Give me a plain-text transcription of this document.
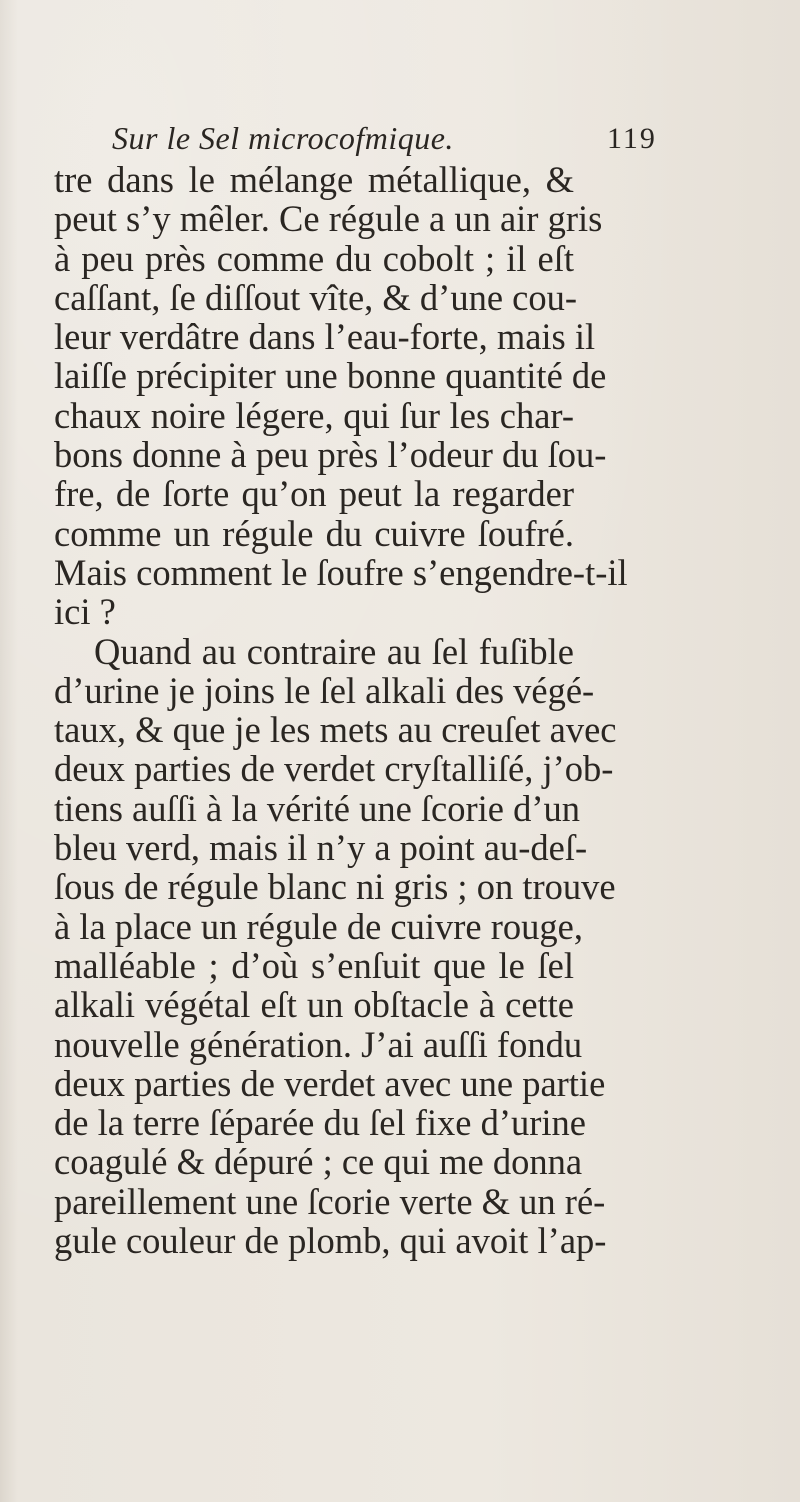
Sur le Sel microcofmique.	119
tre dans le mélange métallique, &
peut s’y mêler. Ce régule a un air gris
à peu près comme du cobolt ; il eſt
caſſant, ſe diſſout vîte, & d’une cou-
leur verdâtre dans l’eau-forte, mais il
laiſſe précipiter une bonne quantité de
chaux noire légere, qui ſur les char-
bons donne à peu près l’odeur du ſou-
fre, de ſorte qu’on peut la regarder
comme un régule du cuivre ſoufré.
Mais comment le ſoufre s’engendre-t-il
ici ?
Quand au contraire au ſel fuſible
d’urine je joins le ſel alkali des végé-
taux, & que je les mets au creuſet avec
deux parties de verdet cryſtalliſé, j’ob-
tiens auſſi à la vérité une ſcorie d’un
bleu verd, mais il n’y a point au-deſ-
ſous de régule blanc ni gris ; on trouve
à la place un régule de cuivre rouge,
malléable ; d’où s’enſuit que le ſel
alkali végétal eſt un obſtacle à cette
nouvelle génération. J’ai auſſi fondu
deux parties de verdet avec une partie
de la terre ſéparée du ſel fixe d’urine
coagulé & dépuré ; ce qui me donna
pareillement une ſcorie verte & un ré-
gule couleur de plomb, qui avoit l’ap-
